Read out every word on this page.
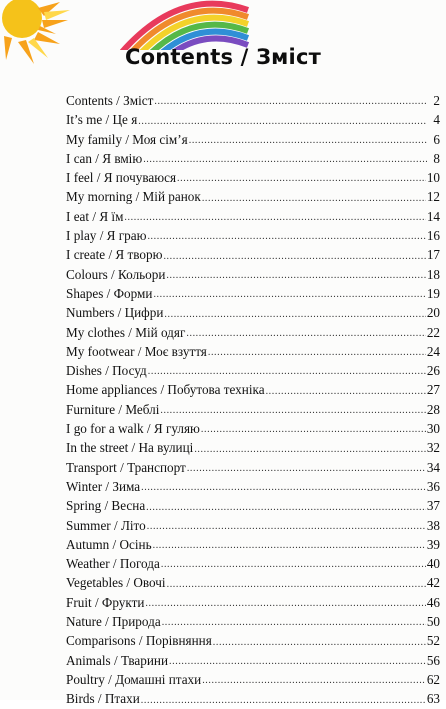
Contents / Зміст
Contents / Зміст .....	2
It’s me / Це я .....	4
My family / Моя сім’я .....	6
I can / Я вмію .....	8
I feel / Я почуваюся .....	10
My morning / Мій ранок .....	12
I eat / Я їм .....	14
I play / Я граю .....	16
I create / Я творю .....	17
Colours / Кольори .....	18
Shapes / Форми .....	19
Numbers / Цифри .....	20
My clothes / Мій одяг .....	22
My footwear / Моє взуття .....	24
Dishes / Посуд .....	26
Home appliances / Побутова техніка .....	27
Furniture / Меблі .....	28
I go for a walk / Я гуляю .....	30
In the street / На вулиці .....	32
Transport / Транспорт .....	34
Winter / Зима .....	36
Spring / Весна .....	37
Summer / Літо .....	38
Autumn / Осінь .....	39
Weather / Погода .....	40
Vegetables / Овочі .....	42
Fruit / Фрукти .....	46
Nature / Природа .....	50
Comparisons / Порівняння .....	52
Animals / Тварини .....	56
Poultry / Домашні птахи .....	62
Birds / Птахи .....	63
